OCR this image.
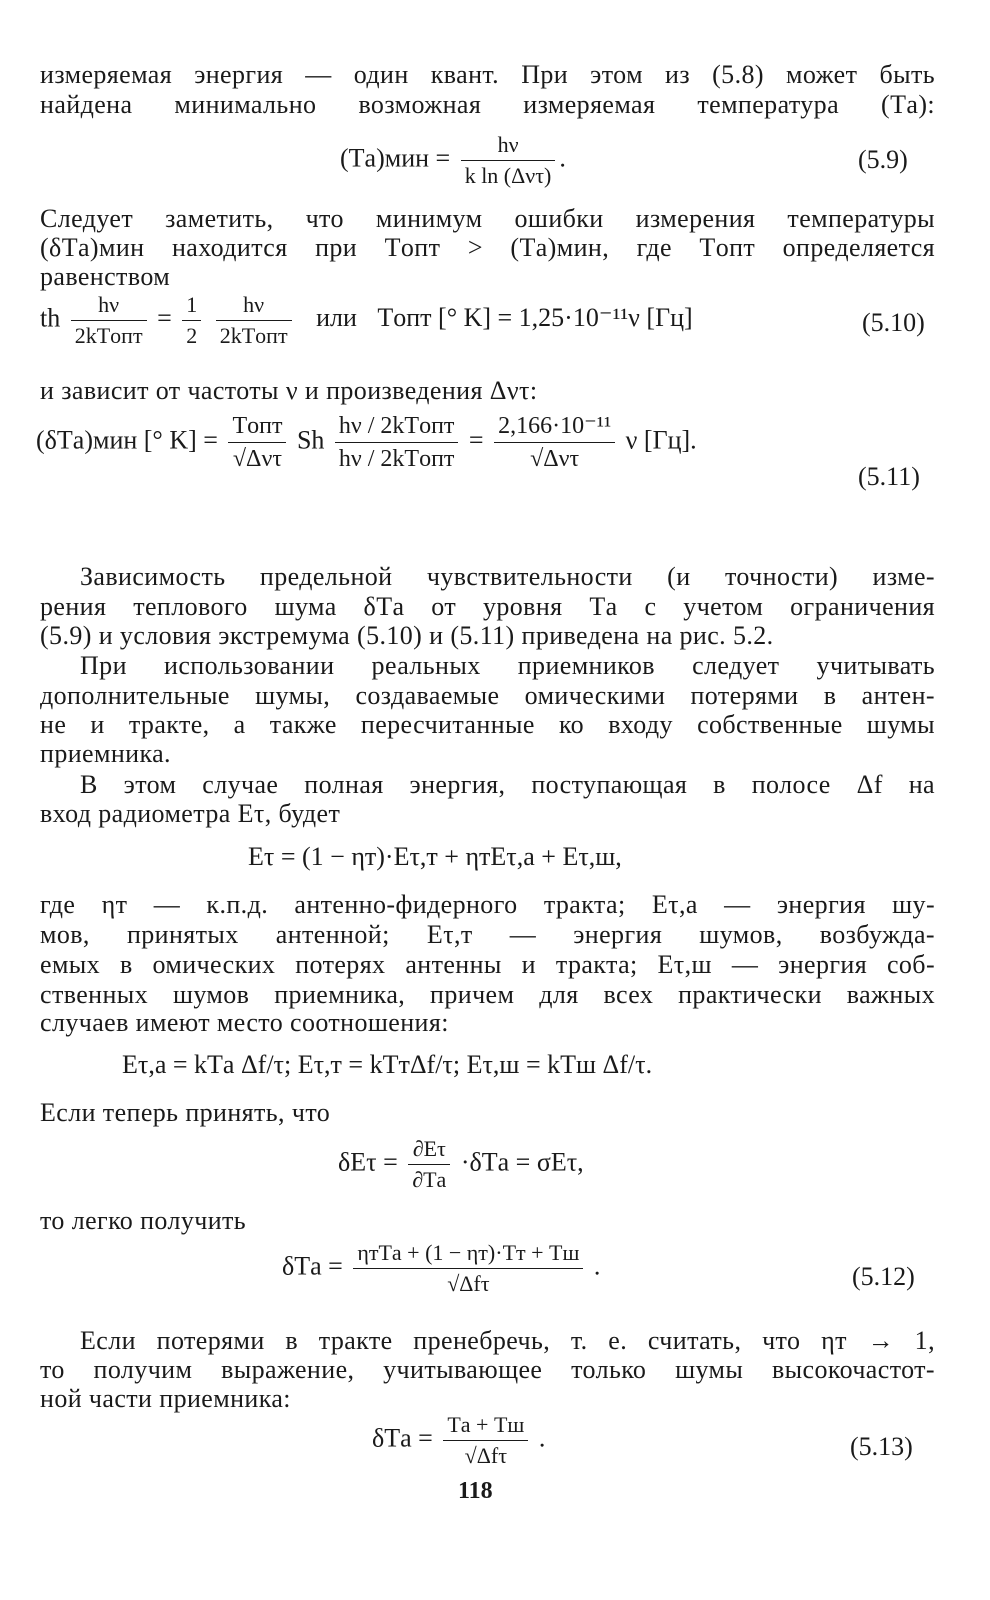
измеряемая энергия — один квант. При этом из (5.8) может быть
найдена минимально возможная измеряемая температура (Tа):
$(Tа)мин = \frac{h\nu}{\text{k ln (Δντ)}}$ .	(5.9)
Следует заметить, что минимум ошибки измерения температуры
(δTа)мин находится при Tопт > (Tа)мин, где Tопт определяется
равенством
th $\frac{h\nu}{\text{2kTопт}} = \frac{1}{2}$
$\frac{h\nu}{\text{2kTопт}}$ или Tопт [° K] = 1,25·10⁻¹¹ν [Гц]	(5.10)
и зависит от частоты ν и произведения Δντ:
(δTа)мин [° $K] = \frac{\text{Tопт}}{\text{√Δντ}}$ Sh $\frac{\text{hν / 2kTопт}}{\text{hν / 2kTопт}} = \frac{\text{2,166·10⁻¹¹}}{\text{√Δντ}}$ ν [Гц].
(5.11)
Зависимость предельной чувствительности (и точности) изме-
рения теплового шума δTа от уровня Tа с учетом ограничения
(5.9) и условия экстремума (5.10) и (5.11) приведена на рис. 5.2.
При использовании реальных приемников следует учитывать
дополнительные шумы, создаваемые омическими потерями в антен-
не и тракте, а также пересчитанные ко входу собственные шумы
приемника.
В этом случае полная энергия, поступающая в полосе Δf на
вход радиометра Eτ, будет
Eτ = (1 − ηт)·Eτ,т + ηтEτ,а + Eτ,ш,
где ηт — к.п.д. антенно-фидерного тракта; Eτ,а — энергия шу-
мов, принятых антенной; Eτ,т — энергия шумов, возбужда-
емых в омических потерях антенны и тракта; Eτ,ш — энергия соб-
ственных шумов приемника, причем для всех практически важных
случаев имеют место соотношения:
Eτ,а = kTа Δf/τ; Eτ,т = kTтΔf/τ; Eτ,ш = kTш Δf/τ.
Если теперь принять, что
$\delta E\tau = \frac{\partial E\tau}{\partial Tа} \cdot\delta Tа = \sigma E\tau$,
то легко получить
$\delta Tа = \frac{\text{ηтTа + (1 − ηт)·Tт + Tш}}{\text{√Δfτ}}$ .	(5.12)
Если потерями в тракте пренебречь, т. е. считать, что ηт → 1,
то получим выражение, учитывающее только шумы высокочастот-
ной части приемника:
$\delta Tа = \frac{Tа + Tш}{\text{√Δfτ}}$ .	(5.13)
118
